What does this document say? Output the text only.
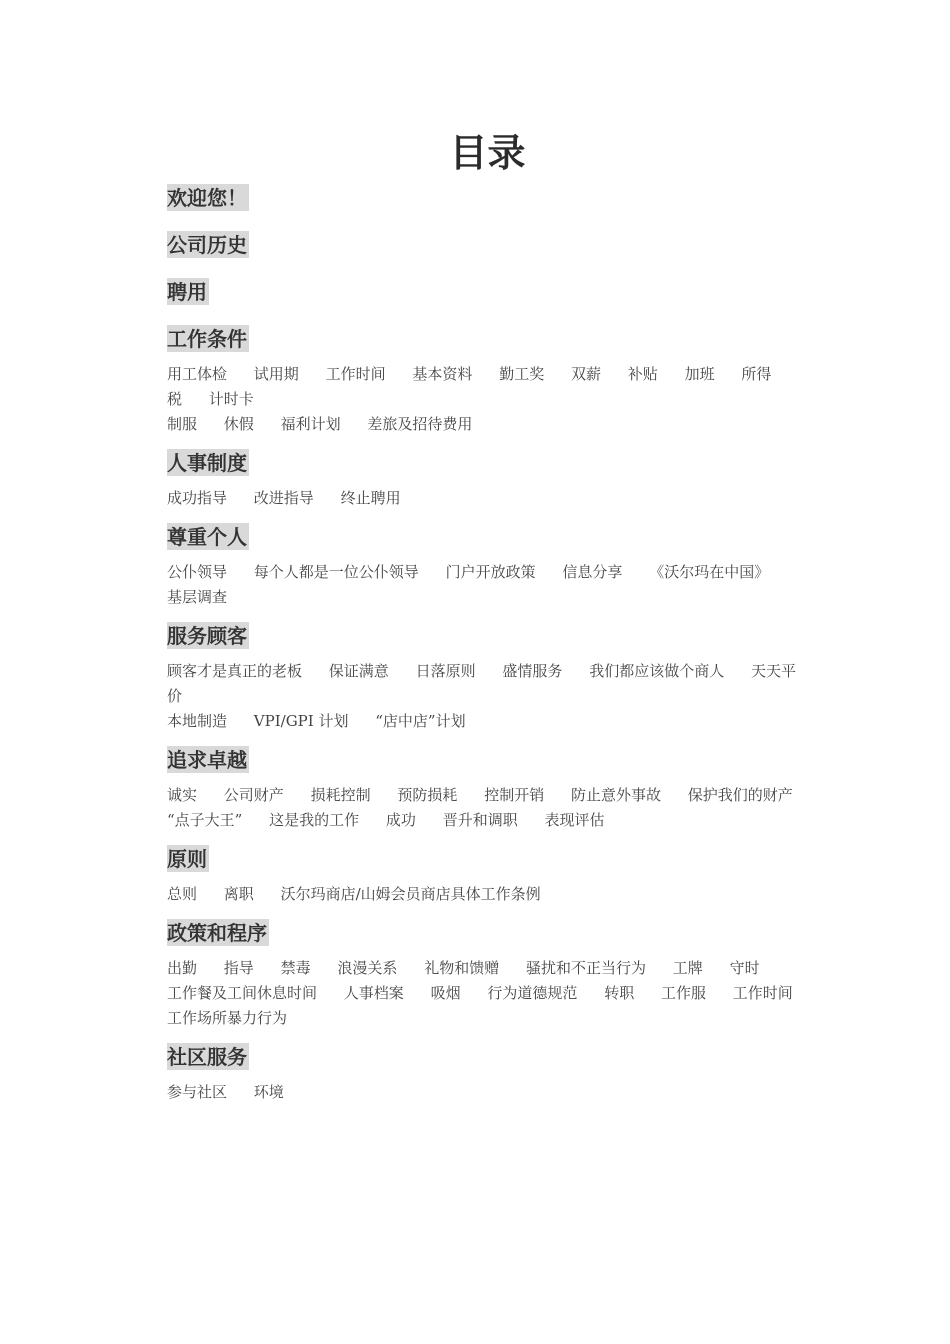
目录
欢迎您！
公司历史
聘用
工作条件
用工体检 试用期 工作时间 基本资料 勤工奖 双薪 补贴 加班 所得税 计时卡
制服 休假 福利计划 差旅及招待费用
人事制度
成功指导 改进指导 终止聘用
尊重个人
公仆领导 每个人都是一位公仆领导 门户开放政策 信息分享 《沃尔玛在中国》
基层调查
服务顾客
顾客才是真正的老板 保证满意 日落原则 盛情服务 我们都应该做个商人 天天平价
本地制造 VPI/GPI 计划 “店中店”计划
追求卓越
诚实 公司财产 损耗控制 预防损耗 控制开销 防止意外事故 保护我们的财产
“点子大王” 这是我的工作 成功 晋升和调职 表现评估
原则
总则 离职 沃尔玛商店/山姆会员商店具体工作条例
政策和程序
出勤 指导 禁毒 浪漫关系 礼物和馈赠 骚扰和不正当行为 工牌 守时
工作餐及工间休息时间 人事档案 吸烟 行为道德规范 转职 工作服 工作时间
工作场所暴力行为
社区服务
参与社区 环境
